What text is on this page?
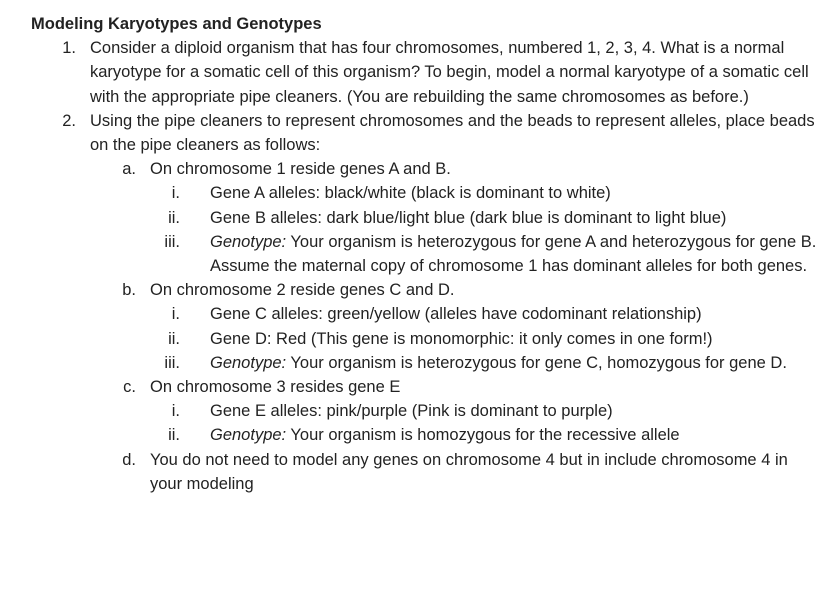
Modeling Karyotypes and Genotypes
1. Consider a diploid organism that has four chromosomes, numbered 1, 2, 3, 4. What is a normal karyotype for a somatic cell of this organism? To begin, model a normal karyotype of a somatic cell with the appropriate pipe cleaners. (You are rebuilding the same chromosomes as before.)
2. Using the pipe cleaners to represent chromosomes and the beads to represent alleles, place beads on the pipe cleaners as follows:
a. On chromosome 1 reside genes A and B.
i. Gene A alleles: black/white (black is dominant to white)
ii. Gene B alleles: dark blue/light blue (dark blue is dominant to light blue)
iii. Genotype: Your organism is heterozygous for gene A and heterozygous for gene B. Assume the maternal copy of chromosome 1 has dominant alleles for both genes.
b. On chromosome 2 reside genes C and D.
i. Gene C alleles: green/yellow (alleles have codominant relationship)
ii. Gene D: Red (This gene is monomorphic: it only comes in one form!)
iii. Genotype: Your organism is heterozygous for gene C, homozygous for gene D.
c. On chromosome 3 resides gene E
i. Gene E alleles: pink/purple (Pink is dominant to purple)
ii. Genotype: Your organism is homozygous for the recessive allele
d. You do not need to model any genes on chromosome 4 but in include chromosome 4 in your modeling
